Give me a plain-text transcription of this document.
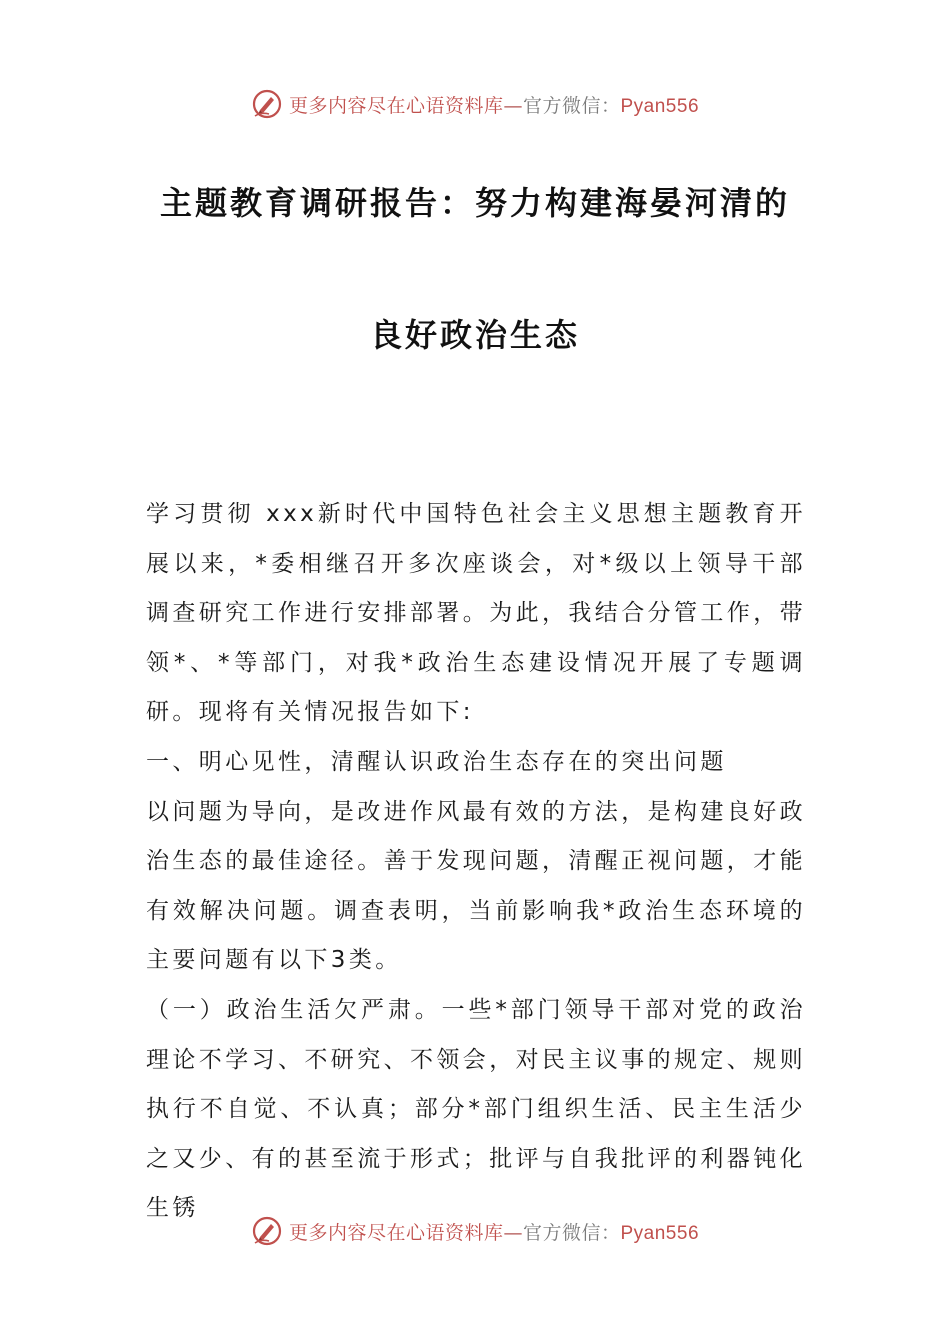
更多内容尽在心语资料库—官方微信：Pyan556
主题教育调研报告：努力构建海晏河清的
良好政治生态

学习贯彻 xxx新时代中国特色社会主义思想主题教育开展以来，*委相继召开多次座谈会，对*级以上领导干部调查研究工作进行安排部署。为此，我结合分管工作，带领*、*等部门，对我*政治生态建设情况开展了专题调研。现将有关情况报告如下:

一、明心见性，清醒认识政治生态存在的突出问题

以问题为导向，是改进作风最有效的方法，是构建良好政治生态的最佳途径。善于发现问题，清醒正视问题，才能有效解决问题。调查表明，当前影响我*政治生态环境的主要问题有以下3类。

（一）政治生活欠严肃。一些*部门领导干部对党的政治理论不学习、不研究、不领会，对民主议事的规定、规则执行不自觉、不认真；部分*部门组织生活、民主生活少之又少、有的甚至流于形式；批评与自我批评的利器钝化生锈

更多内容尽在心语资料库—官方微信：Pyan556
